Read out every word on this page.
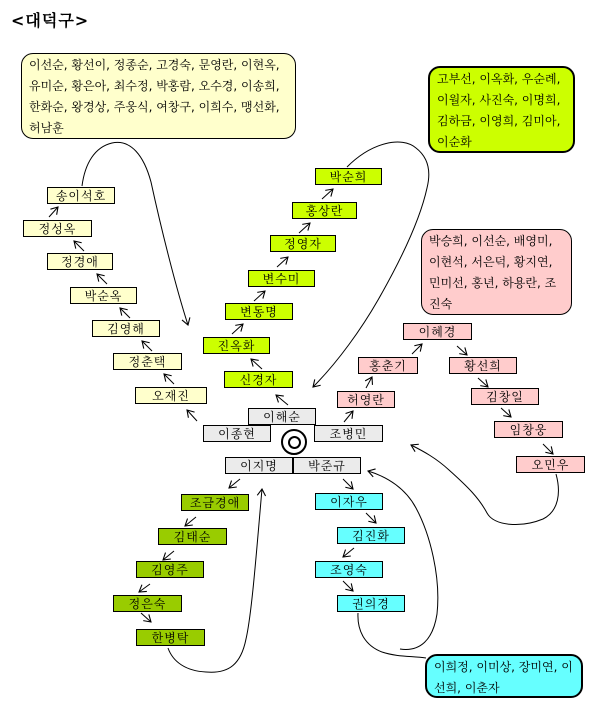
<대덕구>
이선순, 황선이, 정종순, 고경숙, 문영란, 이현옥, 유미순, 황은아, 최수정, 박홍람, 오수경, 이송희, 한화순, 왕경상, 주웅식, 여창구, 이희수, 맹선화, 허남훈
고부선, 이옥화, 우순례, 이월자, 사진숙, 이명희, 김하금, 이영희, 김미아, 이순화
박승희, 이선순, 배영미, 이현석, 서은덕, 황지연, 민미선, 홍년, 하용란, 조진숙
이희정, 이미상, 장미연, 이선희, 이춘자
송이석호
정성옥
정경애
박순옥
김영해
정춘택
오재진
박순희
홍상란
정영자
변수미
변동명
진옥화
신경자
이해순
이종현	조병민
이지명	박준규
이혜경
홍춘기	황선희
허영란	김창일
임창웅
오민우
조금경애
김태순
김영주
정은숙
한병탁
이자우
김진화
조영숙
권의경
